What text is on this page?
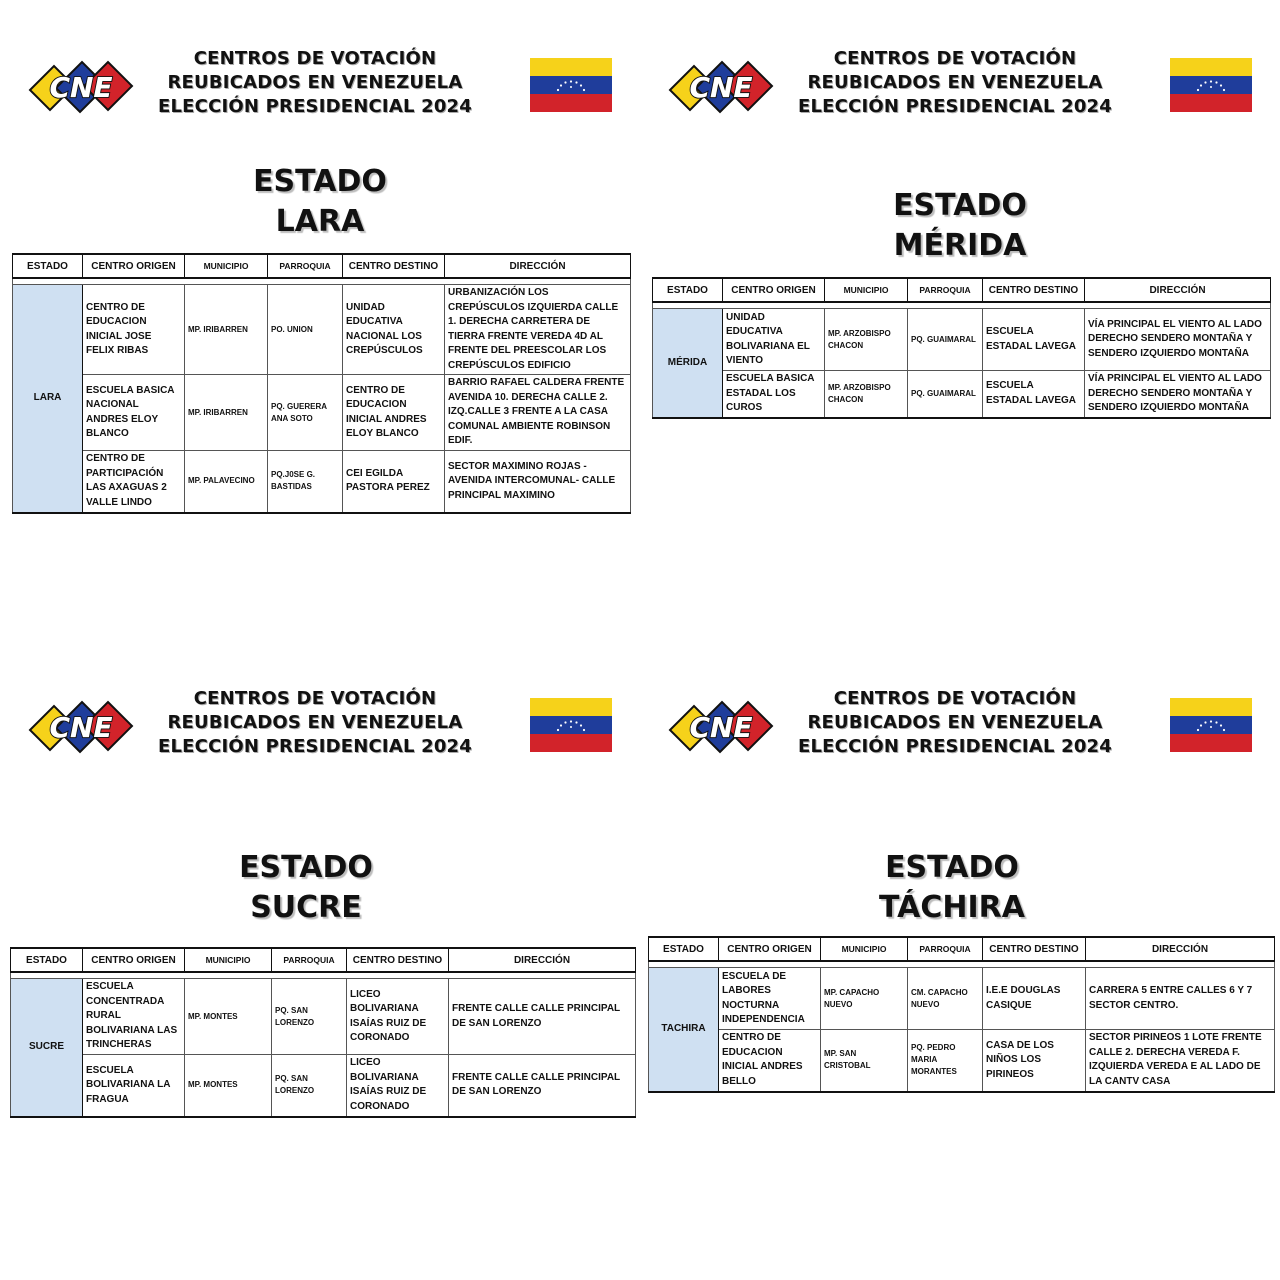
CNE
CENTROS DE VOTACIÓN
REUBICADOS EN VENEZUELA
ELECCIÓN PRESIDENCIAL 2024
ESTADO
LARA
ESTADO	CENTRO ORIGEN	MUNICIPIO	PARROQUIA	CENTRO DESTINO	DIRECCIÓN

LARA	CENTRO DE EDUCACION INICIAL JOSE FELIX RIBAS	MP. IRIBARREN	PO. UNION	UNIDAD EDUCATIVA NACIONAL LOS CREPÚSCULOS	URBANIZACIÓN LOS CREPÚSCULOS IZQUIERDA CALLE 1. DERECHA CARRETERA DE TIERRA FRENTE VEREDA 4D AL FRENTE DEL PREESCOLAR LOS CREPÚSCULOS EDIFICIO
	ESCUELA BASICA NACIONAL ANDRES ELOY BLANCO	MP. IRIBARREN	PQ. GUERERA ANA SOTO	CENTRO DE EDUCACION INICIAL ANDRES ELOY BLANCO	BARRIO RAFAEL CALDERA FRENTE AVENIDA 10. DERECHA CALLE 2. IZQ.CALLE 3 FRENTE A LA CASA COMUNAL AMBIENTE ROBINSON EDIF.
	CENTRO DE PARTICIPACIÓN LAS AXAGUAS 2 VALLE LINDO	MP. PALAVECINO	PQ.J0SE G. BASTIDAS	CEI EGILDA PASTORA PEREZ	SECTOR MAXIMINO ROJAS - AVENIDA INTERCOMUNAL- CALLE PRINCIPAL MAXIMINO
CNE
CENTROS DE VOTACIÓN
REUBICADOS EN VENEZUELA
ELECCIÓN PRESIDENCIAL 2024
ESTADO
MÉRIDA
ESTADO	CENTRO ORIGEN	MUNICIPIO	PARROQUIA	CENTRO DESTINO	DIRECCIÓN

MÉRIDA	UNIDAD EDUCATIVA BOLIVARIANA EL VIENTO	MP. ARZOBISPO CHACON	PQ. GUAIMARAL	ESCUELA ESTADAL LAVEGA	VÍA PRINCIPAL EL VIENTO AL LADO DERECHO SENDERO MONTAÑA Y SENDERO IZQUIERDO MONTAÑA
	ESCUELA BASICA ESTADAL LOS CUROS	MP. ARZOBISPO CHACON	PQ. GUAIMARAL	ESCUELA ESTADAL LAVEGA	VÍA PRINCIPAL EL VIENTO AL LADO DERECHO SENDERO MONTAÑA Y SENDERO IZQUIERDO MONTAÑA
CNE
CENTROS DE VOTACIÓN
REUBICADOS EN VENEZUELA
ELECCIÓN PRESIDENCIAL 2024
ESTADO
SUCRE
ESTADO	CENTRO ORIGEN	MUNICIPIO	PARROQUIA	CENTRO DESTINO	DIRECCIÓN

SUCRE	ESCUELA CONCENTRADA RURAL BOLIVARIANA LAS TRINCHERAS	MP. MONTES	PQ. SAN LORENZO	LICEO BOLIVARIANA ISAÍAS RUIZ DE CORONADO	FRENTE CALLE CALLE PRINCIPAL DE SAN LORENZO
	ESCUELA BOLIVARIANA LA FRAGUA	MP. MONTES	PQ. SAN LORENZO	LICEO BOLIVARIANA ISAÍAS RUIZ DE CORONADO	FRENTE CALLE CALLE PRINCIPAL DE SAN LORENZO
CNE
CENTROS DE VOTACIÓN
REUBICADOS EN VENEZUELA
ELECCIÓN PRESIDENCIAL 2024
ESTADO
TÁCHIRA
ESTADO	CENTRO ORIGEN	MUNICIPIO	PARROQUIA	CENTRO DESTINO	DIRECCIÓN

TACHIRA	ESCUELA DE LABORES NOCTURNA INDEPENDENCIA	MP. CAPACHO NUEVO	CM. CAPACHO NUEVO	I.E.E DOUGLAS CASIQUE	CARRERA 5 ENTRE CALLES 6 Y 7 SECTOR CENTRO.
	CENTRO DE EDUCACION INICIAL ANDRES BELLO	MP. SAN CRISTOBAL	PQ. PEDRO MARIA MORANTES	CASA DE LOS NIÑOS LOS PIRINEOS	SECTOR PIRINEOS 1 LOTE FRENTE CALLE 2. DERECHA VEREDA F. IZQUIERDA VEREDA E AL LADO DE LA CANTV CASA
